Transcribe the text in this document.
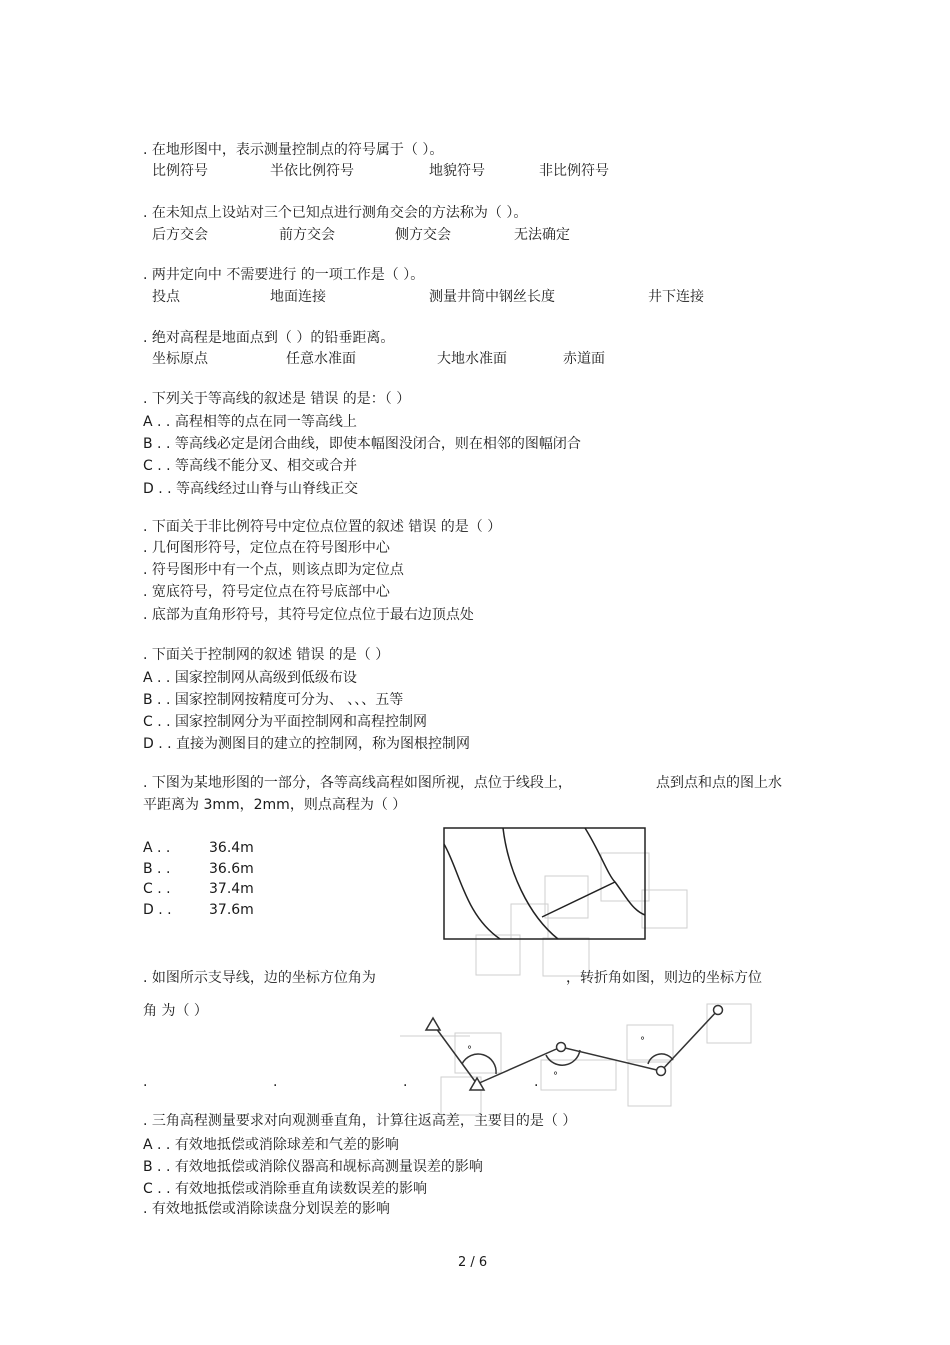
. 在地形图中，表示测量控制点的符号属于（ ）。
比例符号	半依比例符号	地貌符号	非比例符号
. 在未知点上设站对三个已知点进行测角交会的方法称为（ ）。
后方交会	前方交会	侧方交会	无法确定
. 两井定向中 不需要进行 的一项工作是（ ）。
投点	地面连接	测量井筒中钢丝长度	井下连接
. 绝对高程是地面点到（ ）的铅垂距离。
坐标原点	任意水准面	大地水准面	赤道面
. 下列关于等高线的叙述是 错误 的是：（ ）
A . . 高程相等的点在同一等高线上
B . . 等高线必定是闭合曲线，即使本幅图没闭合，则在相邻的图幅闭合
C . . 等高线不能分叉、相交或合并
D . . 等高线经过山脊与山脊线正交
. 下面关于非比例符号中定位点位置的叙述 错误 的是（ ）
. 几何图形符号，定位点在符号图形中心
. 符号图形中有一个点，则该点即为定位点
. 宽底符号，符号定位点在符号底部中心
. 底部为直角形符号，其符号定位点位于最右边顶点处
. 下面关于控制网的叙述 错误 的是（ ）
A . . 国家控制网从高级到低级布设
B . . 国家控制网按精度可分为、 、、、五等
C . . 国家控制网分为平面控制网和高程控制网
D . . 直接为测图目的建立的控制网，称为图根控制网
. 下图为某地形图的一部分，各等高线高程如图所视，点位于线段上，	点到点和点的图上水
平距离为 3mm，2mm，则点高程为（ ）
A . .	36.4m
B . .	36.6m
C . .	37.4m
D . .	37.6m
. 如图所示支导线，边的坐标方位角为	，转折角如图，则边的坐标方位
角 为（ ）
.	.	.	.
°
°
°
. 三角高程测量要求对向观测垂直角，计算往返高差，主要目的是（ ）
A . . 有效地抵偿或消除球差和气差的影响
B . . 有效地抵偿或消除仪器高和觇标高测量误差的影响
C . . 有效地抵偿或消除垂直角读数误差的影响
. 有效地抵偿或消除读盘分划误差的影响
2 / 6
